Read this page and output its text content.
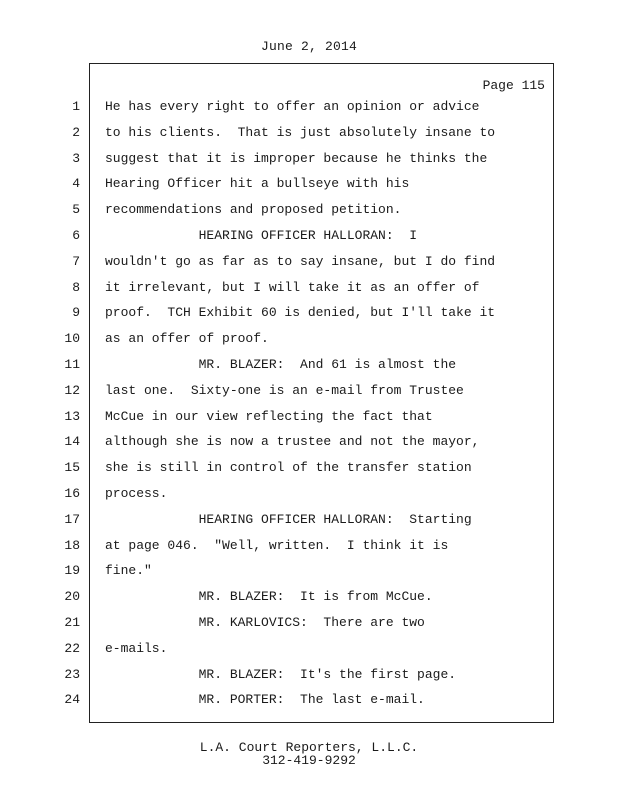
June 2, 2014
Page 115
1 He has every right to offer an opinion or advice
2 to his clients.  That is just absolutely insane to
3 suggest that it is improper because he thinks the
4 Hearing Officer hit a bullseye with his
5 recommendations and proposed petition.
6 HEARING OFFICER HALLORAN:  I
7 wouldn't go as far as to say insane, but I do find
8 it irrelevant, but I will take it as an offer of
9 proof.  TCH Exhibit 60 is denied, but I'll take it
10 as an offer of proof.
11 MR. BLAZER:  And 61 is almost the
12 last one.  Sixty-one is an e-mail from Trustee
13 McCue in our view reflecting the fact that
14 although she is now a trustee and not the mayor,
15 she is still in control of the transfer station
16 process.
17 HEARING OFFICER HALLORAN:  Starting
18 at page 046.  "Well, written.  I think it is
19 fine."
20 MR. BLAZER:  It is from McCue.
21 MR. KARLOVICS:  There are two
22 e-mails.
23 MR. BLAZER:  It's the first page.
24 MR. PORTER:  The last e-mail.
L.A. Court Reporters, L.L.C.
312-419-9292
